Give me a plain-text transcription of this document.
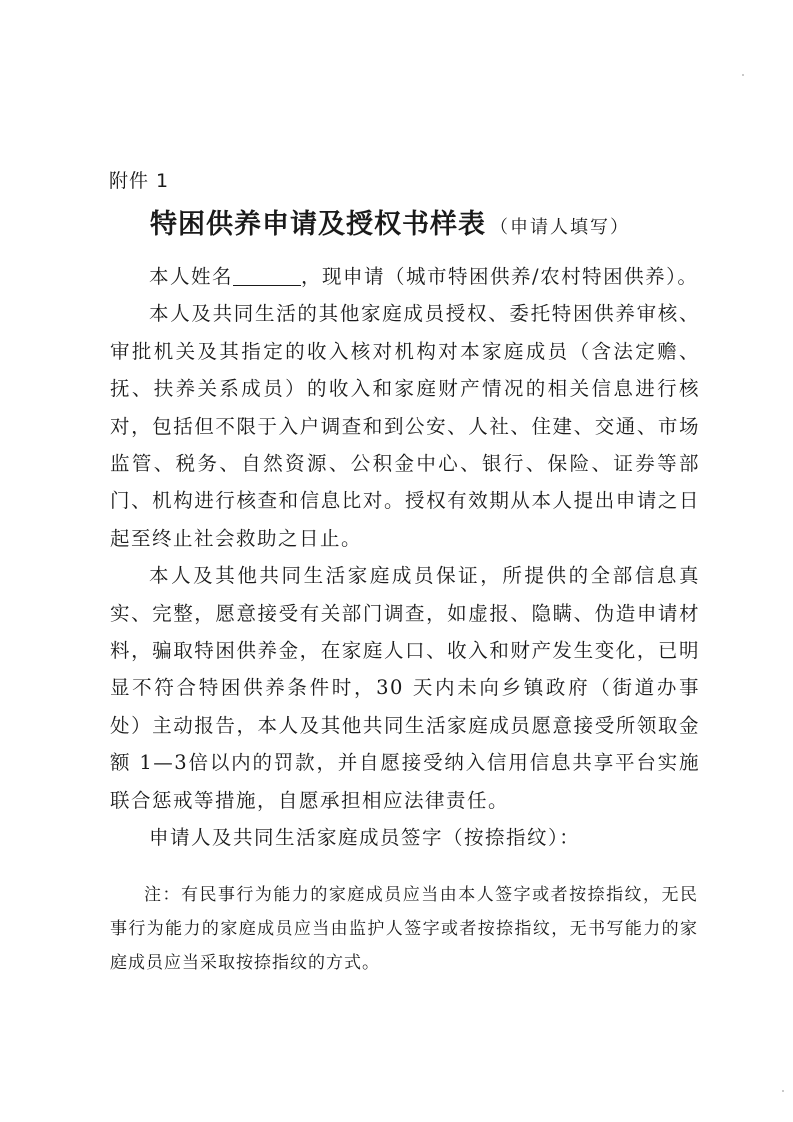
附件 1
特困供养申请及授权书样表 （申请人填写）

本人姓名	，现申请（城市特困供养/农村特困供养）。

本人及共同生活的其他家庭成员授权、委托特困供养审核、审批机关及其指定的收入核对机构对本家庭成员（含法定赡、抚、扶养关系成员）的收入和家庭财产情况的相关信息进行核对，包括但不限于入户调查和到公安、人社、住建、交通、市场监管、税务、自然资源、公积金中心、银行、保险、证券等部门、机构进行核查和信息比对。授权有效期从本人提出申请之日起至终止社会救助之日止。

本人及其他共同生活家庭成员保证，所提供的全部信息真实、完整，愿意接受有关部门调查，如虚报、隐瞒、伪造申请材料，骗取特困供养金，在家庭人口、收入和财产发生变化，已明显不符合特困供养条件时，30 天内未向乡镇政府（街道办事处）主动报告，本人及其他共同生活家庭成员愿意接受所领取金额 1—3倍以内的罚款，并自愿接受纳入信用信息共享平台实施联合惩戒等措施，自愿承担相应法律责任。

申请人及共同生活家庭成员签字（按捺指纹）：

注：有民事行为能力的家庭成员应当由本人签字或者按捺指纹，无民事行为能力的家庭成员应当由监护人签字或者按捺指纹，无书写能力的家庭成员应当采取按捺指纹的方式。
